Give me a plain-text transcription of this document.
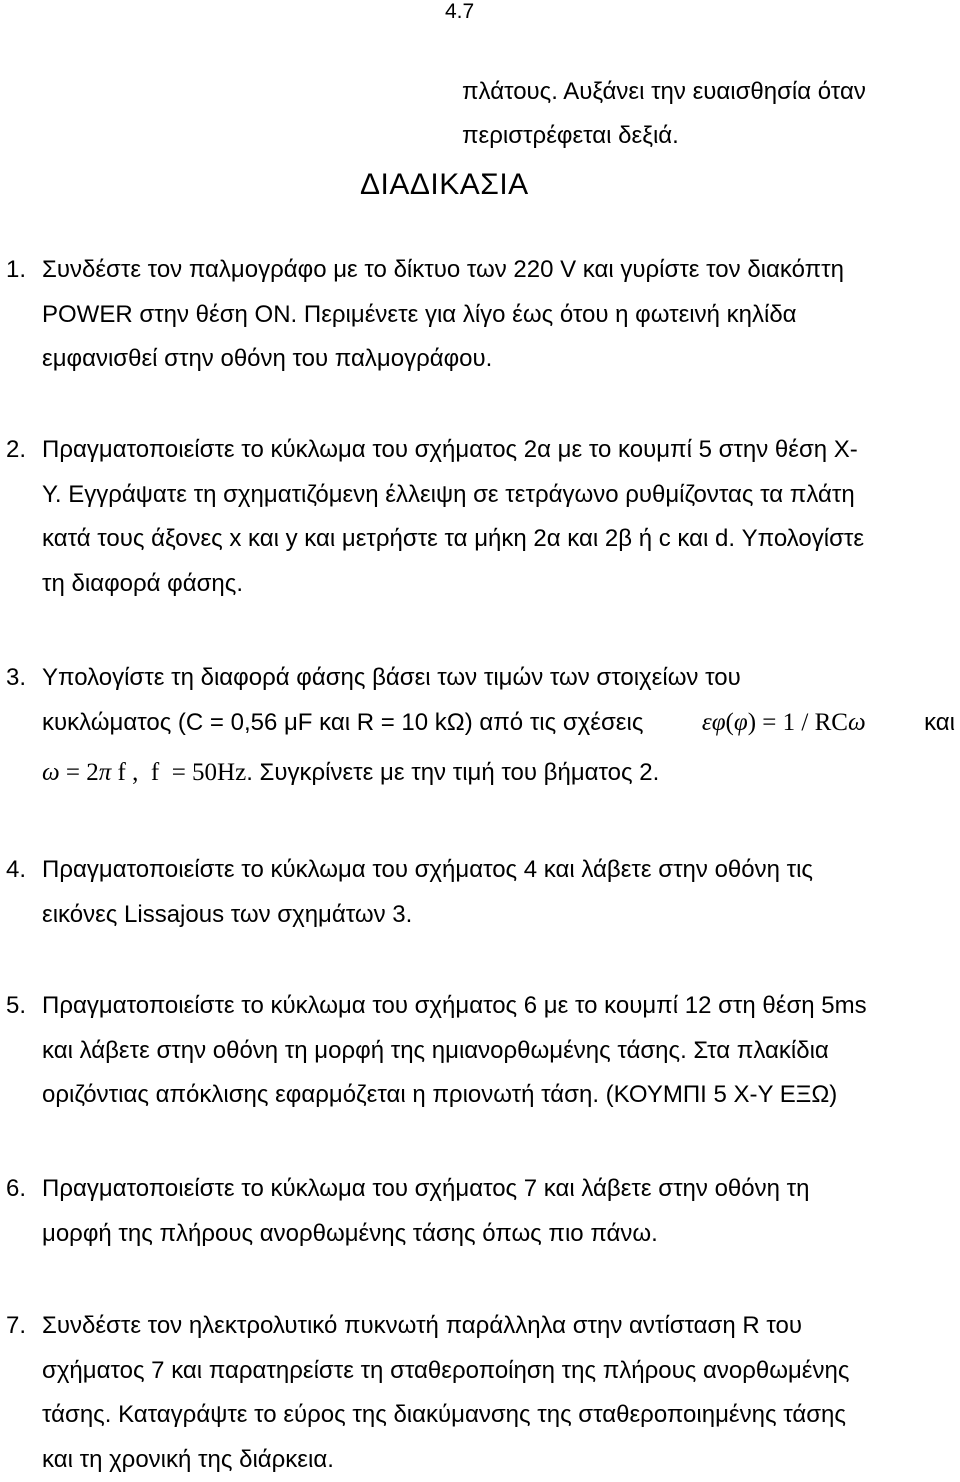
4.7
πλάτους. Αυξάνει την ευαισθησία όταν
περιστρέφεται δεξιά.
ΔΙΑΔΙΚΑΣΙΑ
1. Συνδέστε τον παλμογράφο με το δίκτυο των 220 V και γυρίστε τον διακόπτη
POWER στην θέση ON. Περιμένετε για λίγο έως ότου η φωτεινή κηλίδα
εμφανισθεί στην οθόνη του παλμογράφου.
2. Πραγματοποιείστε το κύκλωμα του σχήματος 2α με το κουμπί 5 στην θέση X-
Y. Εγγράψατε τη σχηματιζόμενη έλλειψη σε τετράγωνο ρυθμίζοντας τα πλάτη
κατά τους άξονες x και y και μετρήστε τα μήκη 2α και 2β ή c και d. Υπολογίστε
τη διαφορά φάσης.
3. Υπολογίστε τη διαφορά φάσης βάσει των τιμών των στοιχείων του
κυκλώματος (C = 0,56 μF και R = 10 kΩ) από τις σχέσεις εφ(φ) = 1 / RCω και
ω = 2π f ,  f  = 50Hz. Συγκρίνετε με την τιμή του βήματος 2.
4. Πραγματοποιείστε το κύκλωμα του σχήματος 4 και λάβετε στην οθόνη τις
εικόνες Lissajous των σχημάτων 3.
5. Πραγματοποιείστε το κύκλωμα του σχήματος 6 με το κουμπί 12 στη θέση 5ms
και λάβετε στην οθόνη τη μορφή της ημιανορθωμένης τάσης. Στα πλακίδια
οριζόντιας απόκλισης εφαρμόζεται η πριονωτή τάση. (ΚΟΥΜΠΙ 5 X-Y ΕΞΩ)
6. Πραγματοποιείστε το κύκλωμα του σχήματος 7 και λάβετε στην οθόνη τη
μορφή της πλήρους ανορθωμένης τάσης όπως πιο πάνω.
7. Συνδέστε τον ηλεκτρολυτικό πυκνωτή παράλληλα στην αντίσταση R του
σχήματος 7 και παρατηρείστε τη σταθεροποίηση της πλήρους ανορθωμένης
τάσης. Καταγράψτε το εύρος της διακύμανσης της σταθεροποιημένης τάσης
και τη χρονική της διάρκεια.
